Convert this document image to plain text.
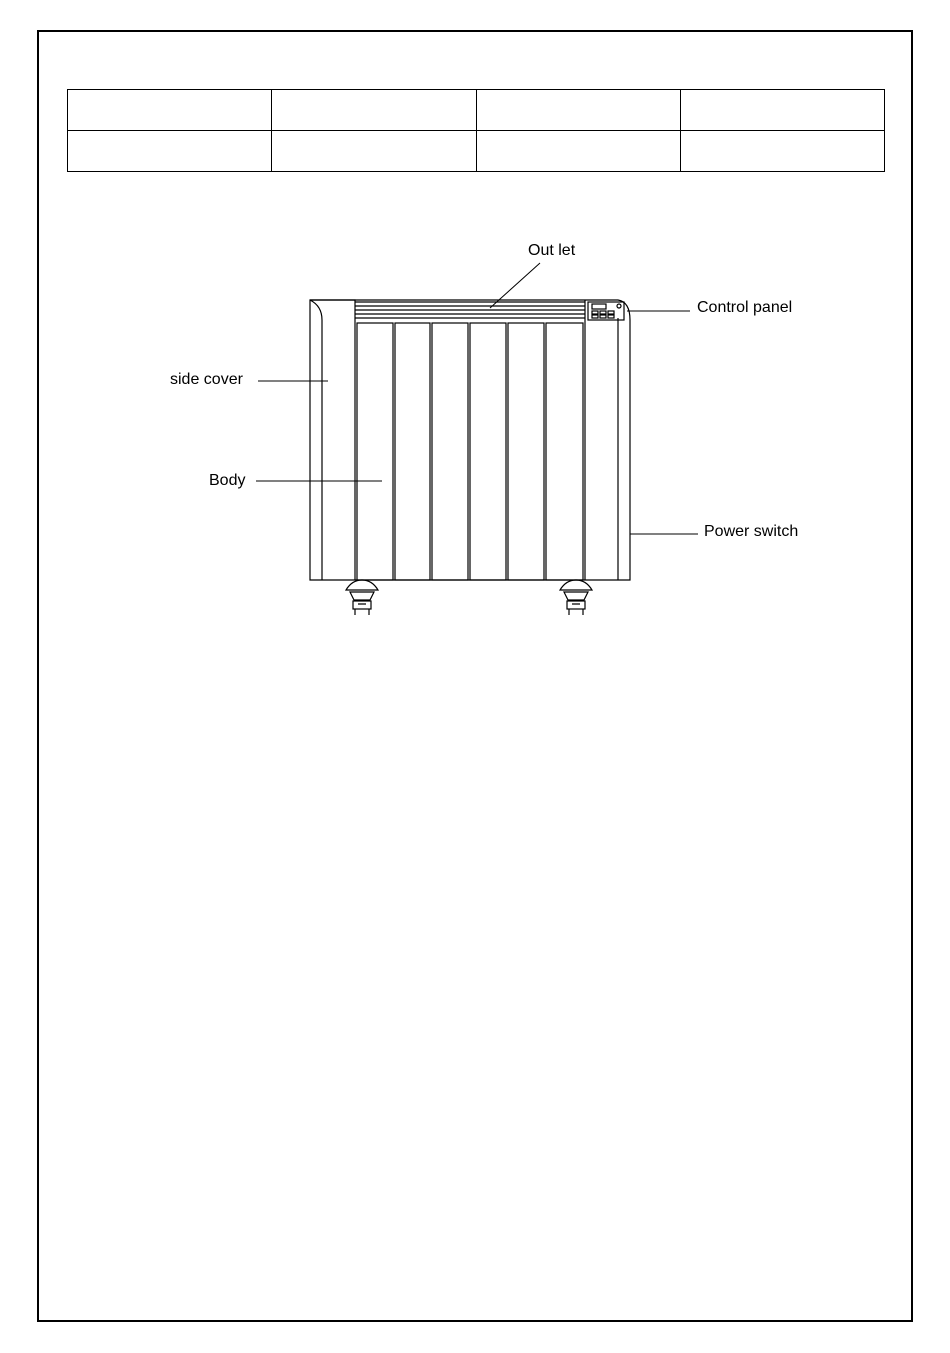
Out let
Control panel
side cover
Body
Power switch
